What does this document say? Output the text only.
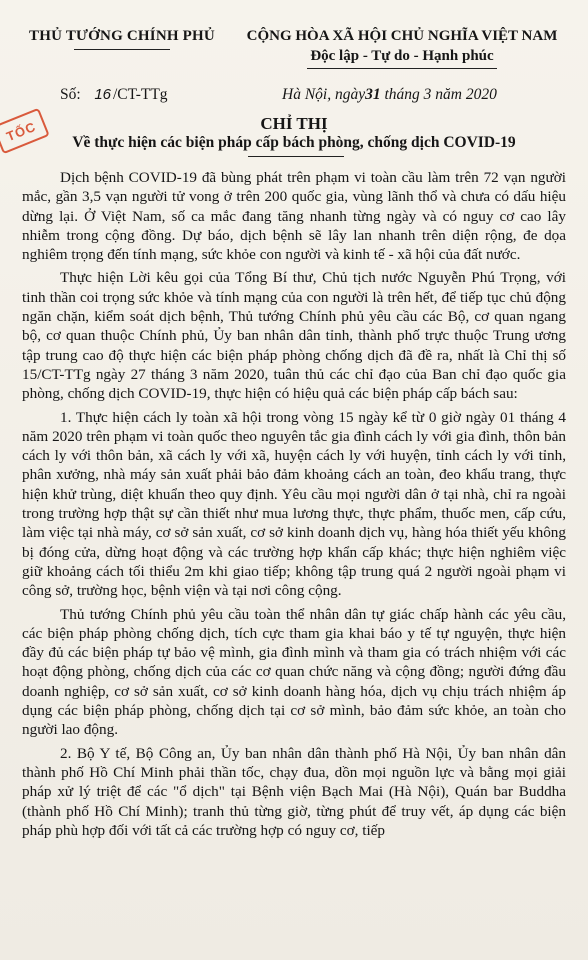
THỦ TƯỚNG CHÍNH PHỦ	CỘNG HÒA XÃ HỘI CHỦ NGHĨA VIỆT NAM
Độc lập - Tự do - Hạnh phúc
Số: 16 /CT-TTg	Hà Nội, ngày31 tháng 3 năm 2020
TỐC	CHỈ THỊ
Về thực hiện các biện pháp cấp bách phòng, chống dịch COVID-19

Dịch bệnh COVID-19 đã bùng phát trên phạm vi toàn cầu làm trên 72 vạn người mắc, gần 3,5 vạn người tử vong ở trên 200 quốc gia, vùng lãnh thổ và chưa có dấu hiệu dừng lại. Ở Việt Nam, số ca mắc đang tăng nhanh từng ngày và có nguy cơ cao lây nhiễm trong cộng đồng. Dự báo, dịch bệnh sẽ lây lan nhanh trên diện rộng, đe dọa nghiêm trọng đến tính mạng, sức khỏe con người và kinh tế - xã hội của đất nước.

Thực hiện Lời kêu gọi của Tổng Bí thư, Chủ tịch nước Nguyễn Phú Trọng, với tinh thần coi trọng sức khỏe và tính mạng của con người là trên hết, để tiếp tục chủ động ngăn chặn, kiểm soát dịch bệnh, Thủ tướng Chính phủ yêu cầu các Bộ, cơ quan ngang bộ, cơ quan thuộc Chính phủ, Ủy ban nhân dân tỉnh, thành phố trực thuộc Trung ương tập trung cao độ thực hiện các biện pháp phòng chống dịch đã đề ra, nhất là Chỉ thị số 15/CT-TTg ngày 27 tháng 3 năm 2020, tuân thủ các chỉ đạo của Ban chỉ đạo quốc gia phòng, chống dịch COVID-19, thực hiện có hiệu quả các biện pháp cấp bách sau:

1. Thực hiện cách ly toàn xã hội trong vòng 15 ngày kể từ 0 giờ ngày 01 tháng 4 năm 2020 trên phạm vi toàn quốc theo nguyên tắc gia đình cách ly với gia đình, thôn bản cách ly với thôn bản, xã cách ly với xã, huyện cách ly với huyện, tỉnh cách ly với tỉnh, phân xưởng, nhà máy sản xuất phải bảo đảm khoảng cách an toàn, đeo khẩu trang, thực hiện khử trùng, diệt khuẩn theo quy định. Yêu cầu mọi người dân ở tại nhà, chỉ ra ngoài trong trường hợp thật sự cần thiết như mua lương thực, thực phẩm, thuốc men, cấp cứu, làm việc tại nhà máy, cơ sở sản xuất, cơ sở kinh doanh dịch vụ, hàng hóa thiết yếu không bị đóng cửa, dừng hoạt động và các trường hợp khẩn cấp khác; thực hiện nghiêm việc giữ khoảng cách tối thiểu 2m khi giao tiếp; không tập trung quá 2 người ngoài phạm vi công sở, trường học, bệnh viện và tại nơi công cộng.

Thủ tướng Chính phủ yêu cầu toàn thể nhân dân tự giác chấp hành các yêu cầu, các biện pháp phòng chống dịch, tích cực tham gia khai báo y tế tự nguyện, thực hiện đầy đủ các biện pháp tự bảo vệ mình, gia đình mình và tham gia có trách nhiệm với các hoạt động phòng, chống dịch của các cơ quan chức năng và cộng đồng; người đứng đầu doanh nghiệp, cơ sở sản xuất, cơ sở kinh doanh hàng hóa, dịch vụ chịu trách nhiệm áp dụng các biện pháp phòng, chống dịch tại cơ sở mình, bảo đảm sức khỏe, an toàn cho người lao động.

2. Bộ Y tế, Bộ Công an, Ủy ban nhân dân thành phố Hà Nội, Ủy ban nhân dân thành phố Hồ Chí Minh phải thần tốc, chạy đua, dồn mọi nguồn lực và bằng mọi giải pháp xử lý triệt để các "ổ dịch" tại Bệnh viện Bạch Mai (Hà Nội), Quán bar Buddha (thành phố Hồ Chí Minh); tranh thủ từng giờ, từng phút để truy vết, áp dụng các biện pháp phù hợp đối với tất cả các trường hợp có nguy cơ, tiếp
